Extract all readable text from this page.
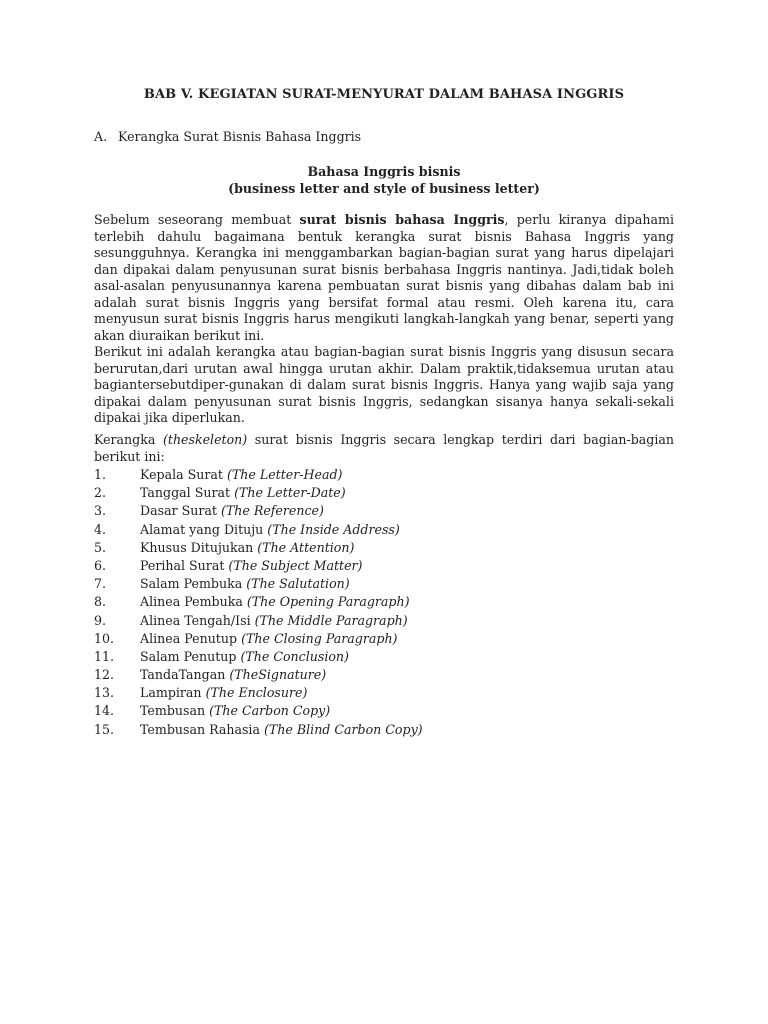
BAB V. KEGIATAN SURAT-MENYURAT DALAM BAHASA INGGRIS
A. Kerangka Surat Bisnis Bahasa Inggris
Bahasa Inggris bisnis
(business letter and style of business letter)
Sebelum seseorang membuat surat bisnis bahasa Inggris, perlu kiranya dipahami terlebih dahulu bagaimana bentuk kerangka surat bisnis Bahasa Inggris yang sesungguhnya. Kerangka ini menggambarkan bagian-bagian surat yang harus dipelajari dan dipakai dalam penyusunan surat bisnis berbahasa Inggris nantinya. Jadi,tidak boleh asal-asalan penyusunannya karena pembuatan surat bisnis yang dibahas dalam bab ini adalah surat bisnis Inggris yang bersifat formal atau resmi. Oleh karena itu, cara menyusun surat bisnis Inggris harus mengikuti langkah-langkah yang benar, seperti yang akan diuraikan berikut ini.
Berikut ini adalah kerangka atau bagian-bagian surat bisnis Inggris yang disusun secara berurutan,dari urutan awal hingga urutan akhir. Dalam praktik,tidaksemua urutan atau bagiantersebutdiper-gunakan di dalam surat bisnis Inggris. Hanya yang wajib saja yang dipakai dalam penyusunan surat bisnis Inggris, sedangkan sisanya hanya sekali-sekali dipakai jika diperlukan.
Kerangka (theskeleton) surat bisnis Inggris secara lengkap terdiri dari bagian-bagian berikut ini:
1.	Kepala Surat (The Letter-Head)
2.	Tanggal Surat (The Letter-Date)
3.	Dasar Surat (The Reference)
4.	Alamat yang Dituju (The Inside Address)
5.	Khusus Ditujukan (The Attention)
6.	Perihal Surat (The Subject Matter)
7.	Salam Pembuka (The Salutation)
8.	Alinea Pembuka (The Opening Paragraph)
9.	Alinea Tengah/Isi (The Middle Paragraph)
10. Alinea Penutup (The Closing Paragraph)
11. Salam Penutup (The Conclusion)
12. TandaTangan (TheSignature)
13. Lampiran (The Enclosure)
14. Tembusan (The Carbon Copy)
15. Tembusan Rahasia (The Blind Carbon Copy)
